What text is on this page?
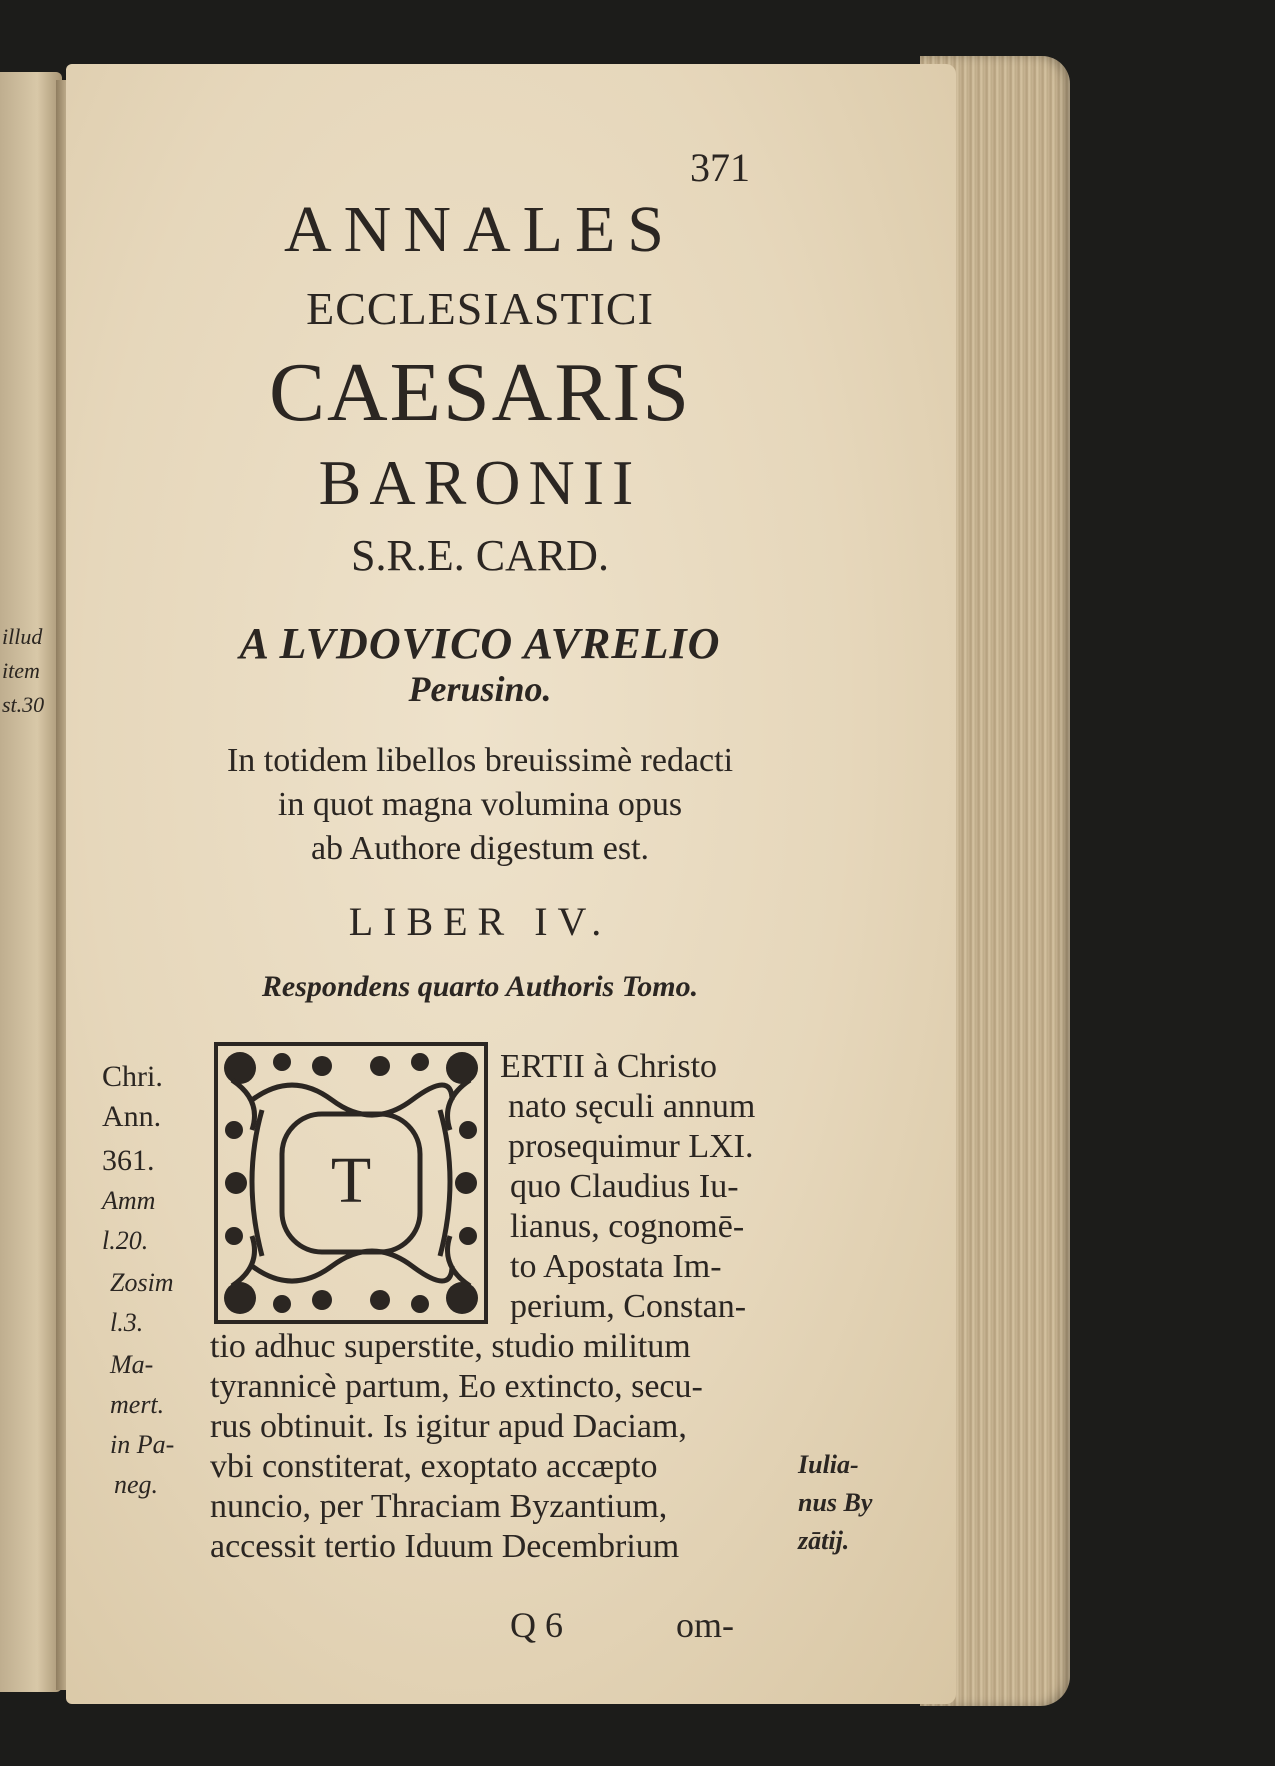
illud
item
st.30
371
ANNALES
ECCLESIASTICI
CAESARIS
BARONII
S.R.E. CARD.
A LVDOVICO AVRELIO
Perusino.
In totidem libellos breuissimè redacti
in quot magna volumina opus
ab Authore digestum est.
LIBER IV.
Respondens quarto Authoris Tomo.
T
ERTII à Christo
nato sęculi annum
prosequimur LXI.
quo Claudius Iu-
lianus, cognomē-
to Apostata Im-
perium, Constan-
tio adhuc superstite, studio militum
tyrannicè partum, Eo extincto, secu-
rus obtinuit. Is igitur apud Daciam,
vbi constiterat, exoptato accæpto
nuncio, per Thraciam Byzantium,
accessit tertio Iduum Decembrium
Chri.
Ann.
361.
Amm
l.20.
Zosim
l.3.
Ma-
mert.
in Pa-
neg.
Iulia-
nus By
zātij.
Q 6	om-
